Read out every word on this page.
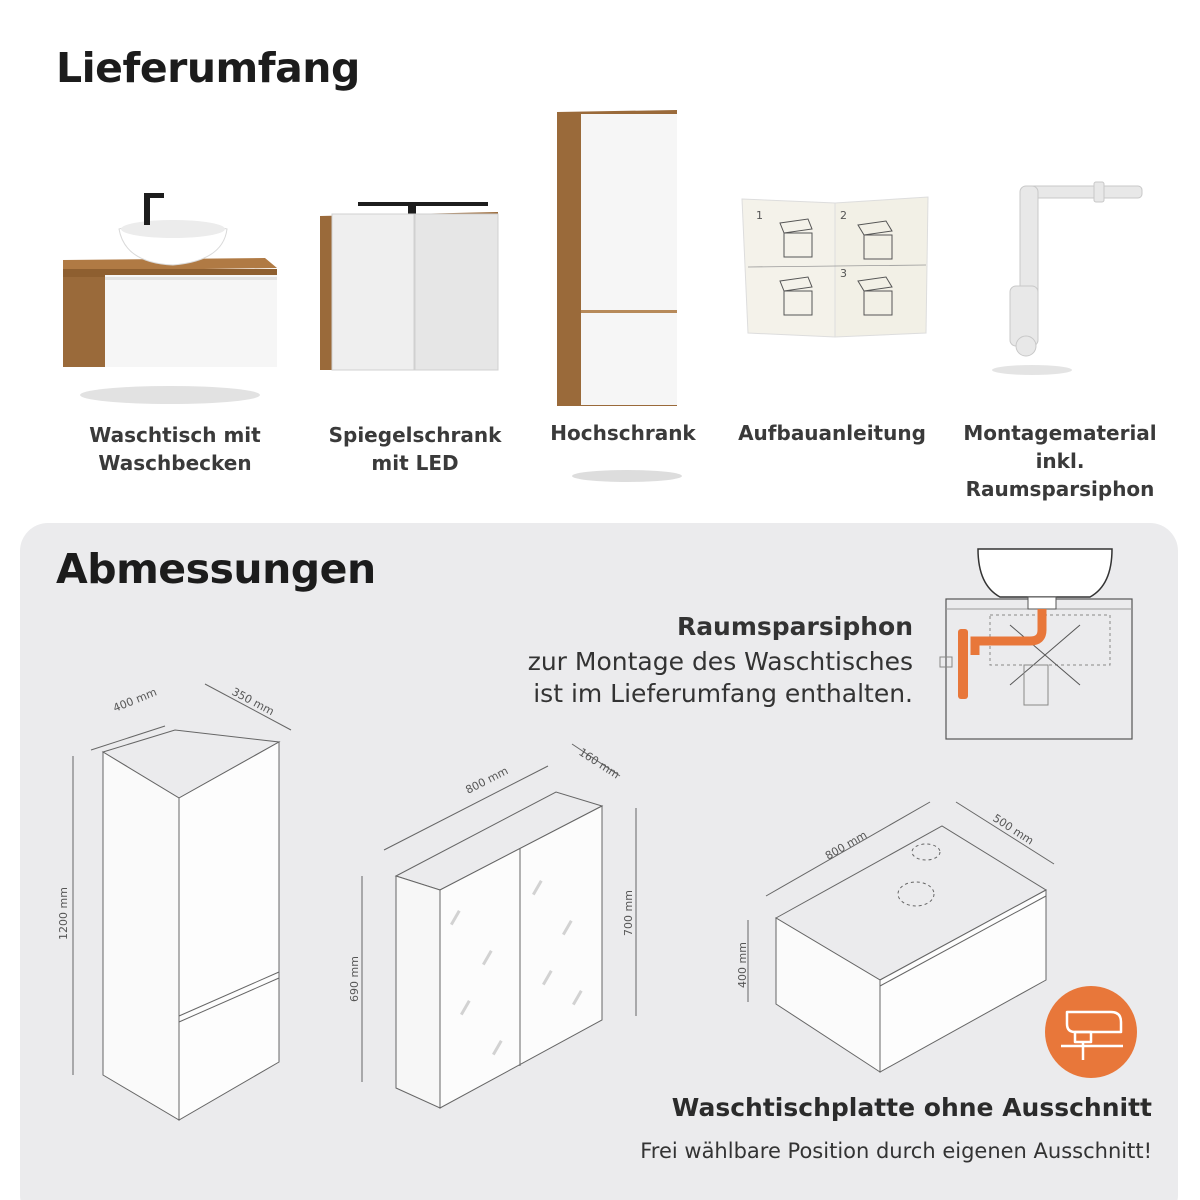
Lieferumfang
1	2
3
Waschtisch mit
Waschbecken
Spiegelschrank
mit LED
Hochschrank	Aufbauanleitung	Montagematerial
inkl. Raumsparsiphon
Abmessungen
Raumsparsiphon
zur Montage des Waschtisches
ist im Lieferumfang enthalten.
400 mm	350 mm
1200 mm
800 mm	160 mm
690 mm
700 mm
800 mm	500 mm
400 mm
Waschtischplatte ohne Ausschnitt
Frei wählbare Position durch eigenen Ausschnitt!
